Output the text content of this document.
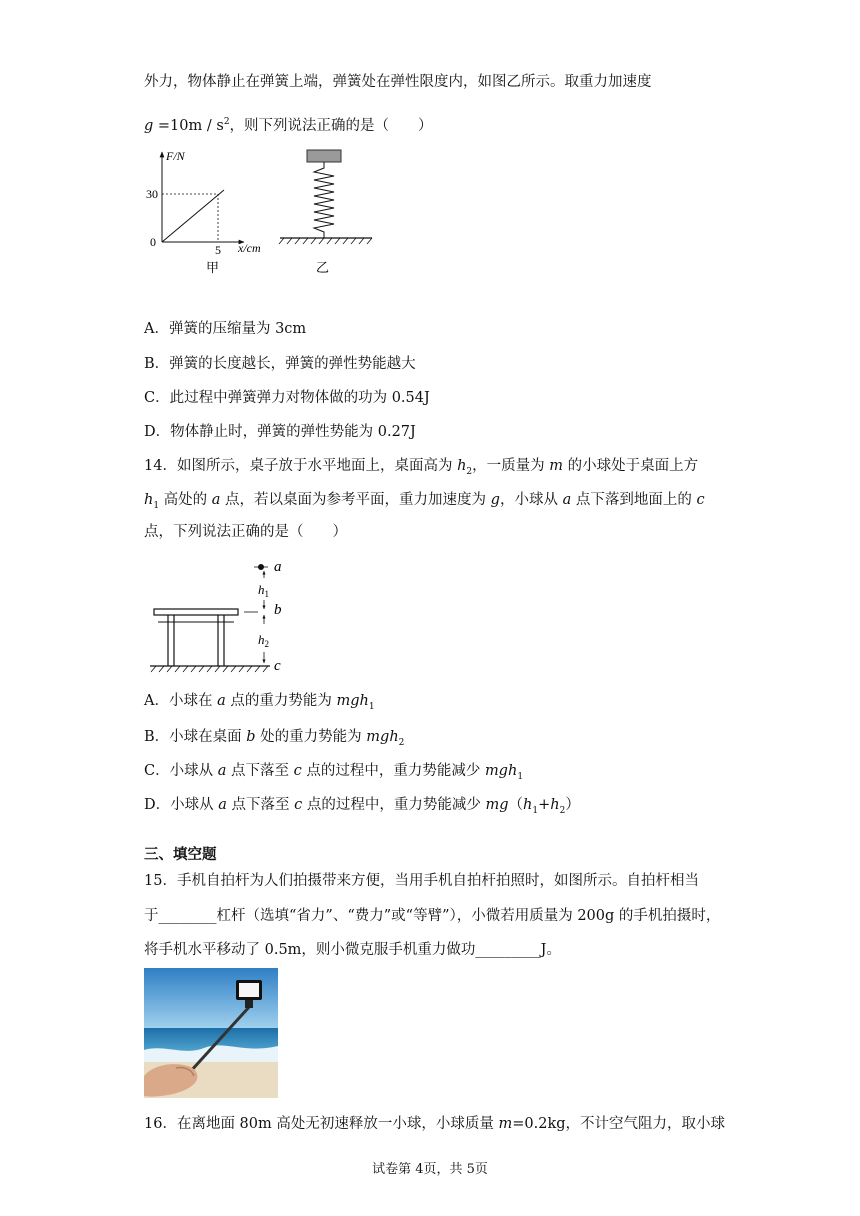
外力，物体静止在弹簧上端，弹簧处在弹性限度内，如图乙所示。取重力加速度
$g =10m / s^2$，则下列说法正确的是（　　）
F/N
30
0
5 x/cm
甲	乙
A．弹簧的压缩量为 3cm
B．弹簧的长度越长，弹簧的弹性势能越大
C．此过程中弹簧弹力对物体做的功为 0.54J
D．物体静止时，弹簧的弹性势能为 0.27J
14．如图所示，桌子放于水平地面上，桌面高为 $h_2$，一质量为 m 的小球处于桌面上方
$h_1$ 高处的 a 点，若以桌面为参考平面，重力加速度为 g，小球从 a 点下落到地面上的 c
点，下列说法正确的是（　　）
$h_1$
$h_2$
a
b
c
A．小球在 a 点的重力势能为 mgh$_1$
B．小球在桌面 b 处的重力势能为 mgh$_2$
C．小球从 a 点下落至 c 点的过程中，重力势能减少 mgh$_1$
D．小球从 a 点下落至 c 点的过程中，重力势能减少 $mg(h_1+h_2)$
三、填空题
15．手机自拍杆为人们拍摄带来方便，当用手机自拍杆拍照时，如图所示。自拍杆相当
于________杠杆（选填“省力”、“费力”或“等臂”），小微若用质量为 200g 的手机拍摄时，
将手机水平移动了 0.5m，则小微克服手机重力做功_________J。
16．在离地面 80m 高处无初速释放一小球，小球质量 m=0.2kg，不计空气阻力，取小球
试卷第 4页，共 5页
